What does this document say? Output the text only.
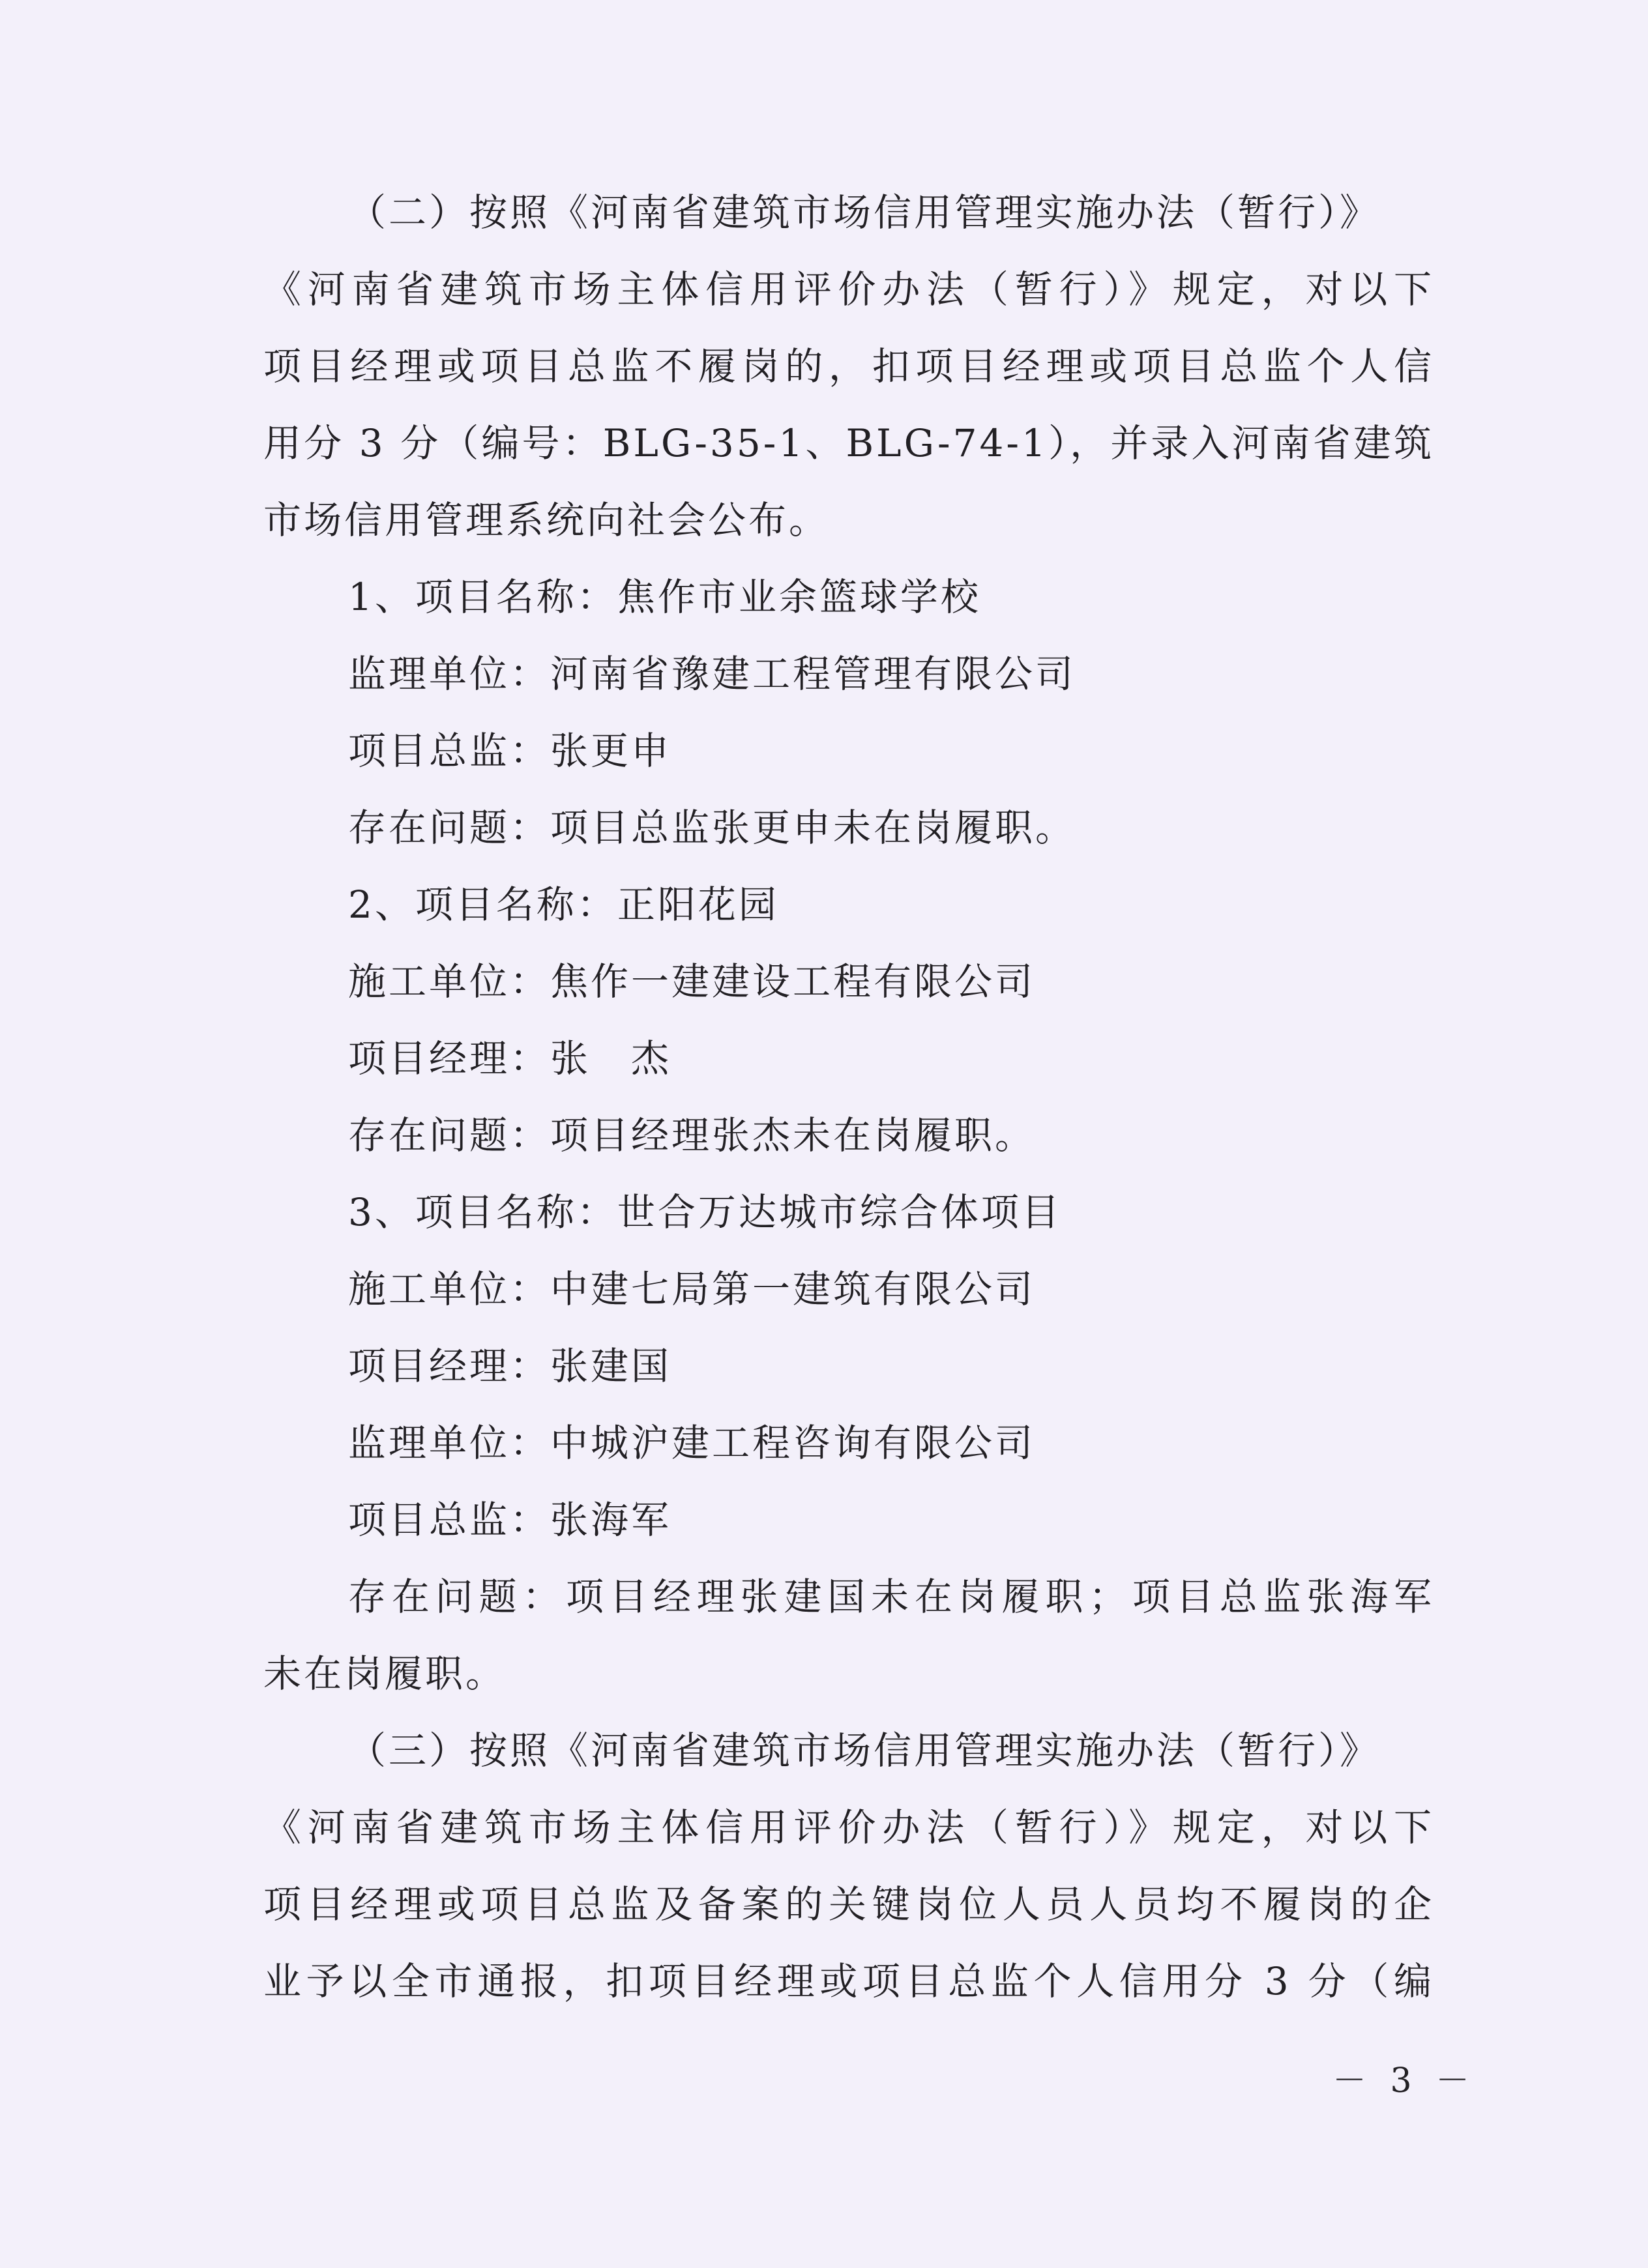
（二）按照《河南省建筑市场信用管理实施办法（暂行）》
《河南省建筑市场主体信用评价办法（暂行）》规定，对以下
项目经理或项目总监不履岗的，扣项目经理或项目总监个人信
用分 3 分（编号：BLG-35-1、BLG-74-1），并录入河南省建筑
市场信用管理系统向社会公布。
1、项目名称：焦作市业余篮球学校
监理单位：河南省豫建工程管理有限公司
项目总监：张更申
存在问题：项目总监张更申未在岗履职。
2、项目名称：正阳花园
施工单位：焦作一建建设工程有限公司
项目经理：张　杰
存在问题：项目经理张杰未在岗履职。
3、项目名称：世合万达城市综合体项目
施工单位：中建七局第一建筑有限公司
项目经理：张建国
监理单位：中城沪建工程咨询有限公司
项目总监：张海军
存在问题：项目经理张建国未在岗履职；项目总监张海军
未在岗履职。
（三）按照《河南省建筑市场信用管理实施办法（暂行）》
《河南省建筑市场主体信用评价办法（暂行）》规定，对以下
项目经理或项目总监及备案的关键岗位人员人员均不履岗的企
业予以全市通报，扣项目经理或项目总监个人信用分 3 分（编
－ 3 －
